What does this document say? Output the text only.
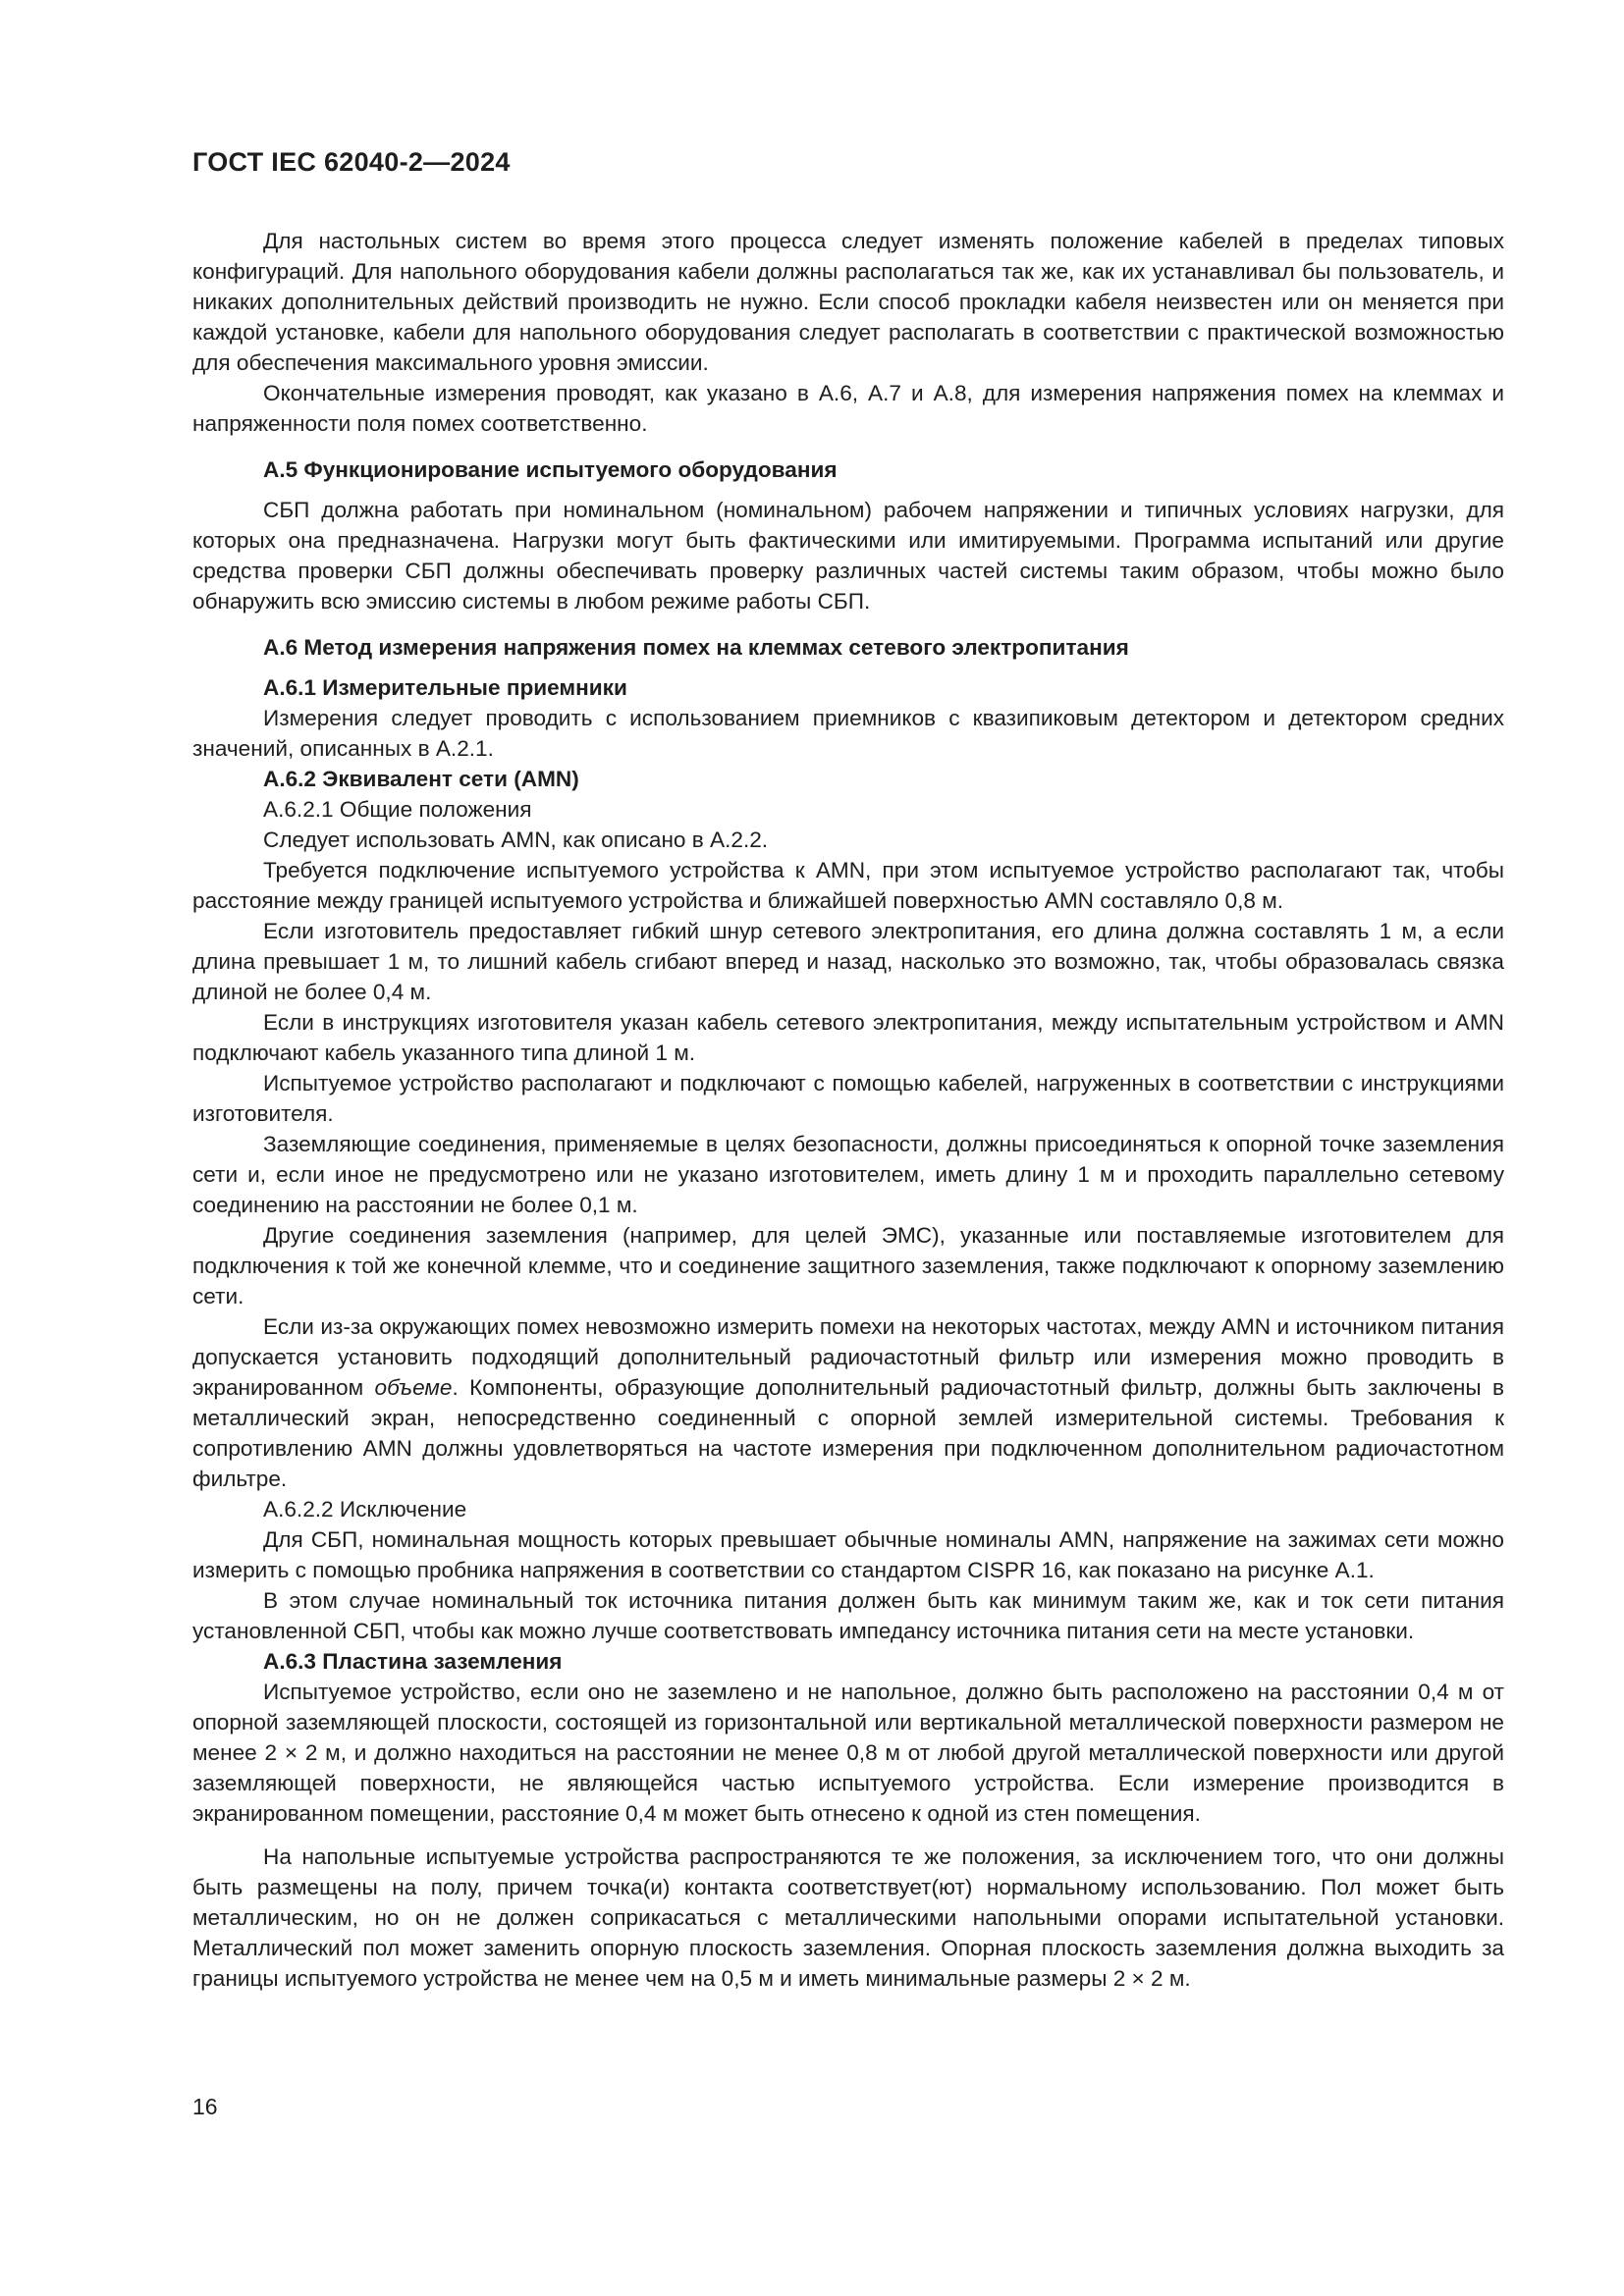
ГОСТ IEC 62040-2—2024

Для настольных систем во время этого процесса следует изменять положение кабелей в пределах типовых конфигураций. Для напольного оборудования кабели должны располагаться так же, как их устанавливал бы пользователь, и никаких дополнительных действий производить не нужно. Если способ прокладки кабеля неизвестен или он меняется при каждой установке, кабели для напольного оборудования следует располагать в соответствии с практической возможностью для обеспечения максимального уровня эмиссии.

Окончательные измерения проводят, как указано в А.6, А.7 и А.8, для измерения напряжения помех на клеммах и напряженности поля помех соответственно.

А.5 Функционирование испытуемого оборудования

СБП должна работать при номинальном (номинальном) рабочем напряжении и типичных условиях нагрузки, для которых она предназначена. Нагрузки могут быть фактическими или имитируемыми. Программа испытаний или другие средства проверки СБП должны обеспечивать проверку различных частей системы таким образом, чтобы можно было обнаружить всю эмиссию системы в любом режиме работы СБП.

А.6 Метод измерения напряжения помех на клеммах сетевого электропитания
А.6.1 Измерительные приемники

Измерения следует проводить с использованием приемников с квазипиковым детектором и детектором средних значений, описанных в А.2.1.

А.6.2 Эквивалент сети (AMN)
А.6.2.1 Общие положения

Следует использовать AMN, как описано в А.2.2.

Требуется подключение испытуемого устройства к AMN, при этом испытуемое устройство располагают так, чтобы расстояние между границей испытуемого устройства и ближайшей поверхностью AMN составляло 0,8 м.

Если изготовитель предоставляет гибкий шнур сетевого электропитания, его длина должна составлять 1 м, а если длина превышает 1 м, то лишний кабель сгибают вперед и назад, насколько это возможно, так, чтобы образовалась связка длиной не более 0,4 м.

Если в инструкциях изготовителя указан кабель сетевого электропитания, между испытательным устройством и AMN подключают кабель указанного типа длиной 1 м.

Испытуемое устройство располагают и подключают с помощью кабелей, нагруженных в соответствии с инструкциями изготовителя.

Заземляющие соединения, применяемые в целях безопасности, должны присоединяться к опорной точке заземления сети и, если иное не предусмотрено или не указано изготовителем, иметь длину 1 м и проходить параллельно сетевому соединению на расстоянии не более 0,1 м.

Другие соединения заземления (например, для целей ЭМС), указанные или поставляемые изготовителем для подключения к той же конечной клемме, что и соединение защитного заземления, также подключают к опорному заземлению сети.

Если из-за окружающих помех невозможно измерить помехи на некоторых частотах, между AMN и источником питания допускается установить подходящий дополнительный радиочастотный фильтр или измерения можно проводить в экранированном объеме. Компоненты, образующие дополнительный радиочастотный фильтр, должны быть заключены в металлический экран, непосредственно соединенный с опорной землей измерительной системы. Требования к сопротивлению AMN должны удовлетворяться на частоте измерения при подключенном дополнительном радиочастотном фильтре.

А.6.2.2 Исключение

Для СБП, номинальная мощность которых превышает обычные номиналы AMN, напряжение на зажимах сети можно измерить с помощью пробника напряжения в соответствии со стандартом CISPR 16, как показано на рисунке А.1.

В этом случае номинальный ток источника питания должен быть как минимум таким же, как и ток сети питания установленной СБП, чтобы как можно лучше соответствовать импедансу источника питания сети на месте установки.

А.6.3 Пластина заземления

Испытуемое устройство, если оно не заземлено и не напольное, должно быть расположено на расстоянии 0,4 м от опорной заземляющей плоскости, состоящей из горизонтальной или вертикальной металлической поверхности размером не менее 2 × 2 м, и должно находиться на расстоянии не менее 0,8 м от любой другой металлической поверхности или другой заземляющей поверхности, не являющейся частью испытуемого устройства. Если измерение производится в экранированном помещении, расстояние 0,4 м может быть отнесено к одной из стен помещения.

На напольные испытуемые устройства распространяются те же положения, за исключением того, что они должны быть размещены на полу, причем точка(и) контакта соответствует(ют) нормальному использованию. Пол может быть металлическим, но он не должен соприкасаться с металлическими напольными опорами испытательной установки. Металлический пол может заменить опорную плоскость заземления. Опорная плоскость заземления должна выходить за границы испытуемого устройства не менее чем на 0,5 м и иметь минимальные размеры 2 × 2 м.

16
